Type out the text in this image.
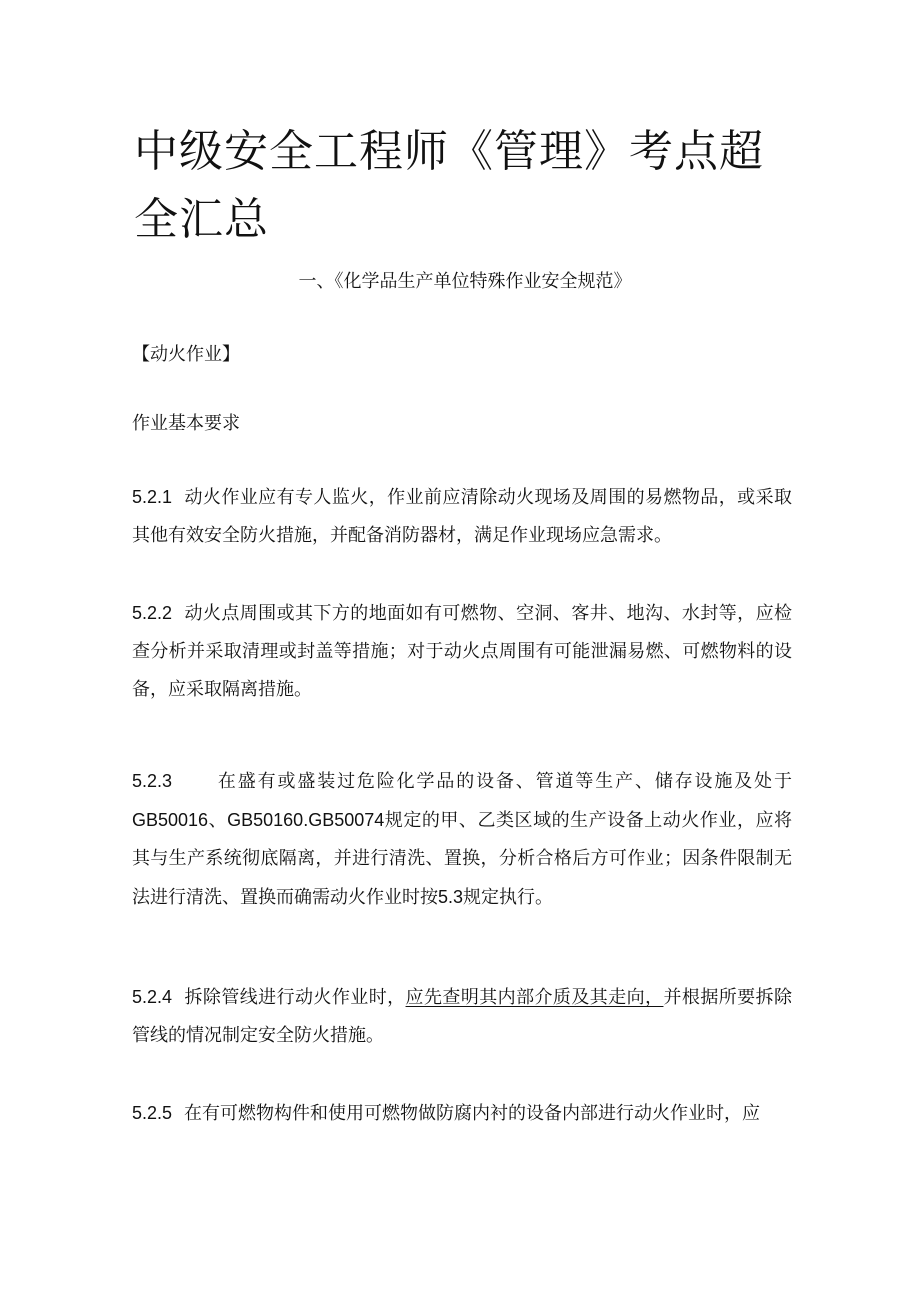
中级安全工程师《管理》考点超全汇总
一、《化学品生产单位特殊作业安全规范》
【动火作业】
作业基本要求

5.2.1 动火作业应有专人监火，作业前应清除动火现场及周围的易燃物品，或采取其他有效安全防火措施，并配备消防器材，满足作业现场应急需求。

5.2.2 动火点周围或其下方的地面如有可燃物、空洞、客井、地沟、水封等，应检查分析并采取清理或封盖等措施；对于动火点周围有可能泄漏易燃、可燃物料的设备，应采取隔离措施。

5.2.3 在盛有或盛装过危险化学品的设备、管道等生产、储存设施及处于GB50016、GB50160.GB50074规定的甲、乙类区域的生产设备上动火作业，应将其与生产系统彻底隔离，并进行清洗、置换，分析合格后方可作业；因条件限制无法进行清洗、置换而确需动火作业时按5.3规定执行。

5.2.4 拆除管线进行动火作业时，应先查明其内部介质及其走向，并根据所要拆除管线的情况制定安全防火措施。

5.2.5 在有可燃物构件和使用可燃物做防腐内衬的设备内部进行动火作业时，应
